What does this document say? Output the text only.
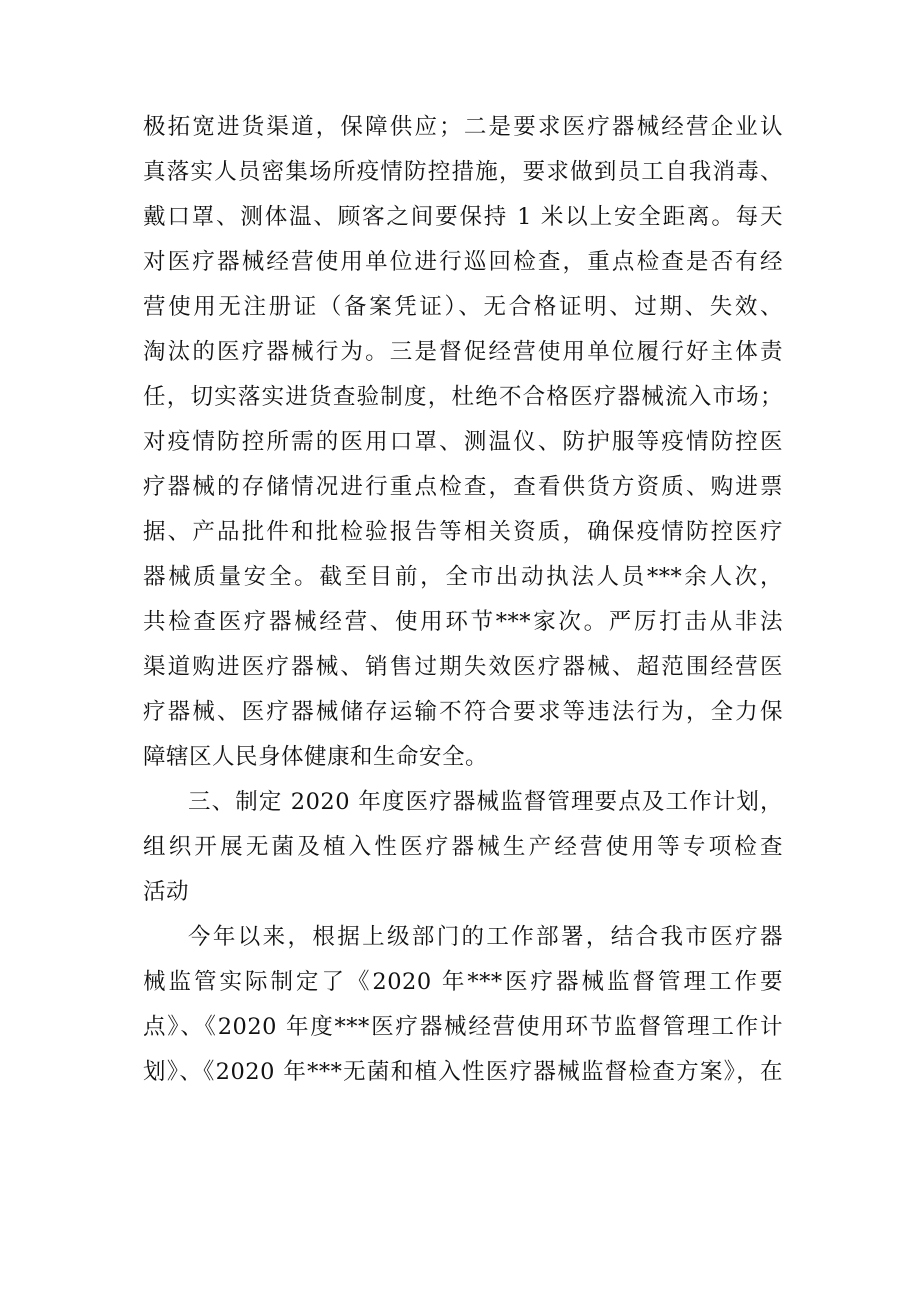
极拓宽进货渠道，保障供应；二是要求医疗器械经营企业认
真落实人员密集场所疫情防控措施，要求做到员工自我消毒、
戴口罩、测体温、顾客之间要保持 1 米以上安全距离。每天
对医疗器械经营使用单位进行巡回检查，重点检查是否有经
营使用无注册证（备案凭证）、无合格证明、过期、失效、
淘汰的医疗器械行为。三是督促经营使用单位履行好主体责
任，切实落实进货查验制度，杜绝不合格医疗器械流入市场；
对疫情防控所需的医用口罩、测温仪、防护服等疫情防控医
疗器械的存储情况进行重点检查，查看供货方资质、购进票
据、产品批件和批检验报告等相关资质，确保疫情防控医疗
器械质量安全。截至目前，全市出动执法人员***余人次，
共检查医疗器械经营、使用环节***家次。严厉打击从非法
渠道购进医疗器械、销售过期失效医疗器械、超范围经营医
疗器械、医疗器械储存运输不符合要求等违法行为，全力保
障辖区人民身体健康和生命安全。
三、制定 2020 年度医疗器械监督管理要点及工作计划，
组织开展无菌及植入性医疗器械生产经营使用等专项检查
活动
今年以来，根据上级部门的工作部署，结合我市医疗器
械监管实际制定了《2020 年***医疗器械监督管理工作要
点》、《2020 年度***医疗器械经营使用环节监督管理工作计
划》、《2020 年***无菌和植入性医疗器械监督检查方案》，在
